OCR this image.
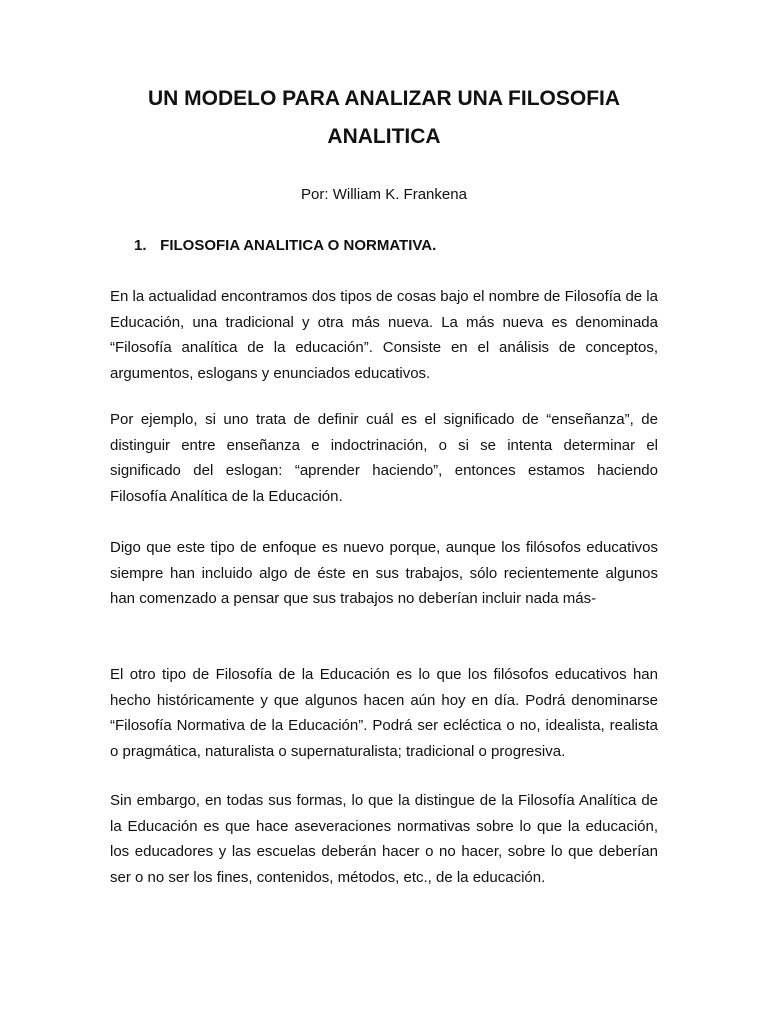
UN MODELO PARA ANALIZAR UNA FILOSOFIA ANALITICA

Por: William K. Frankena

1. FILOSOFIA ANALITICA O NORMATIVA.

En la actualidad encontramos dos tipos de cosas bajo el nombre de Filosofía de la Educación, una tradicional y otra más nueva. La más nueva es denominada “Filosofía analítica de la educación”. Consiste en el análisis de conceptos, argumentos, eslogans y enunciados educativos.

Por ejemplo, si uno trata de definir cuál es el significado de “enseñanza”, de distinguir entre enseñanza e indoctrinación, o si se intenta determinar el significado del eslogan: “aprender haciendo”, entonces estamos haciendo Filosofía Analítica de la Educación.

Digo que este tipo de enfoque es nuevo porque, aunque los filósofos educativos siempre han incluido algo de éste en sus trabajos, sólo recientemente algunos han comenzado a pensar que sus trabajos no deberían incluir nada más-

El otro tipo de Filosofía de la Educación es lo que los filósofos educativos han hecho históricamente y que algunos hacen aún hoy en día. Podrá denominarse “Filosofía Normativa de la Educación”. Podrá ser ecléctica o no, idealista, realista o pragmática, naturalista o supernaturalista; tradicional o progresiva.

Sin embargo, en todas sus formas, lo que la distingue de la Filosofía Analítica de la Educación es que hace aseveraciones normativas sobre lo que la educación, los educadores y las escuelas deberán hacer o no hacer, sobre lo que deberían ser o no ser los fines, contenidos, métodos, etc., de la educación.
